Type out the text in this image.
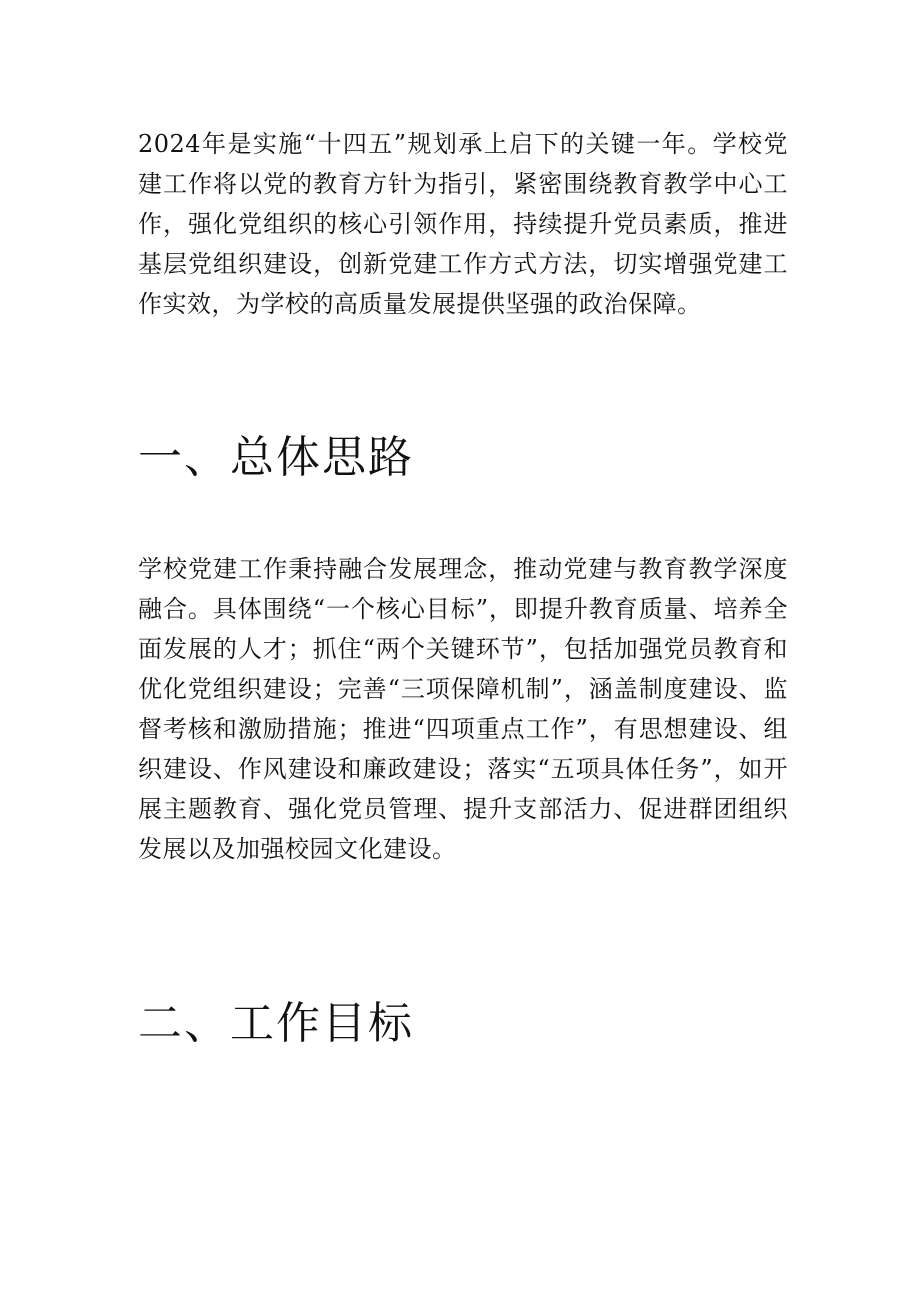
2024年是实施“十四五”规划承上启下的关键一年。学校党建工作将以党的教育方针为指引，紧密围绕教育教学中心工作，强化党组织的核心引领作用，持续提升党员素质，推进基层党组织建设，创新党建工作方式方法，切实增强党建工作实效，为学校的高质量发展提供坚强的政治保障。

一、总体思路

学校党建工作秉持融合发展理念，推动党建与教育教学深度融合。具体围绕“一个核心目标”，即提升教育质量、培养全面发展的人才；抓住“两个关键环节”，包括加强党员教育和优化党组织建设；完善“三项保障机制”，涵盖制度建设、监督考核和激励措施；推进“四项重点工作”，有思想建设、组织建设、作风建设和廉政建设；落实“五项具体任务”，如开展主题教育、强化党员管理、提升支部活力、促进群团组织发展以及加强校园文化建设。

二、工作目标
